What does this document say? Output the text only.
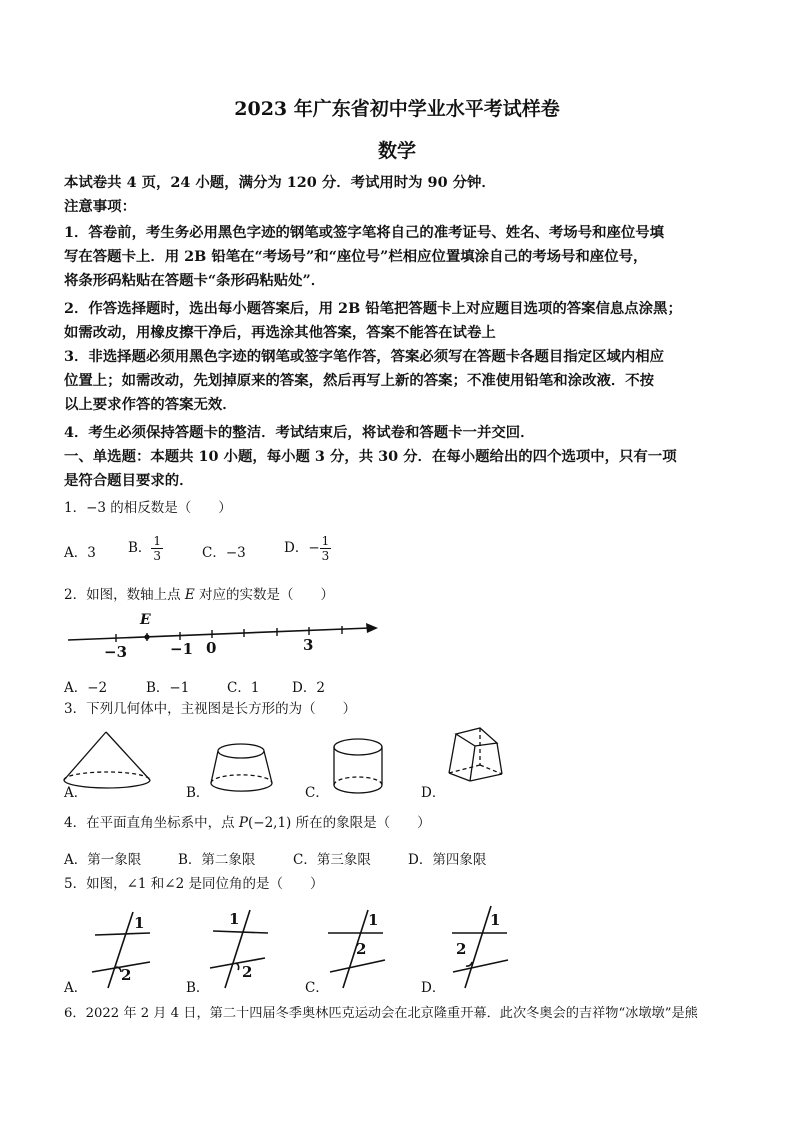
2023 年广东省初中学业水平考试样卷
数学
本试卷共 4 页，24 小题，满分为 120 分．考试用时为 90 分钟．
注意事项：
1．答卷前，考生务必用黑色字迹的钢笔或签字笔将自己的准考证号、姓名、考场号和座位号填
写在答题卡上．用 2B 铅笔在“考场号”和“座位号”栏相应位置填涂自己的考场号和座位号，
将条形码粘贴在答题卡“条形码粘贴处”．
2．作答选择题时，选出每小题答案后，用 2B 铅笔把答题卡上对应题目选项的答案信息点涂黑；
如需改动，用橡皮擦干净后，再选涂其他答案，答案不能答在试卷上
3．非选择题必须用黑色字迹的钢笔或签字笔作答，答案必须写在答题卡各题目指定区域内相应
位置上；如需改动，先划掉原来的答案，然后再写上新的答案；不准使用铅笔和涂改液．不按
以上要求作答的答案无效．
4．考生必须保持答题卡的整洁．考试结束后，将试卷和答题卡一并交回．
一、单选题：本题共 10 小题，每小题 3 分，共 30 分．在每小题给出的四个选项中，只有一项
是符合题目要求的．
1．−3 的相反数是（　　）
A．3 B． $\frac{1}{3}$	C．−3	D．− $\frac{1}{3}$
2．如图，数轴上点 E 对应的实数是（　　）
E
−3	−1 0	3
A．−2	B．−1	C．1 D．2
3．下列几何体中，主视图是长方形的为（　　）
A．	B．	C．	D．
4．在平面直角坐标系中，点 P(−2,1) 所在的象限是（　　）
A．第一象限	B．第二象限	C．第三象限	D．第四象限
5．如图，∠1 和∠2 是同位角的是（　　）
1
2
1
2
1
2
1
2
A．	B．	C．	D．
6．2022 年 2 月 4 日，第二十四届冬季奥林匹克运动会在北京隆重开幕．此次冬奥会的吉祥物“冰墩墩”是熊
